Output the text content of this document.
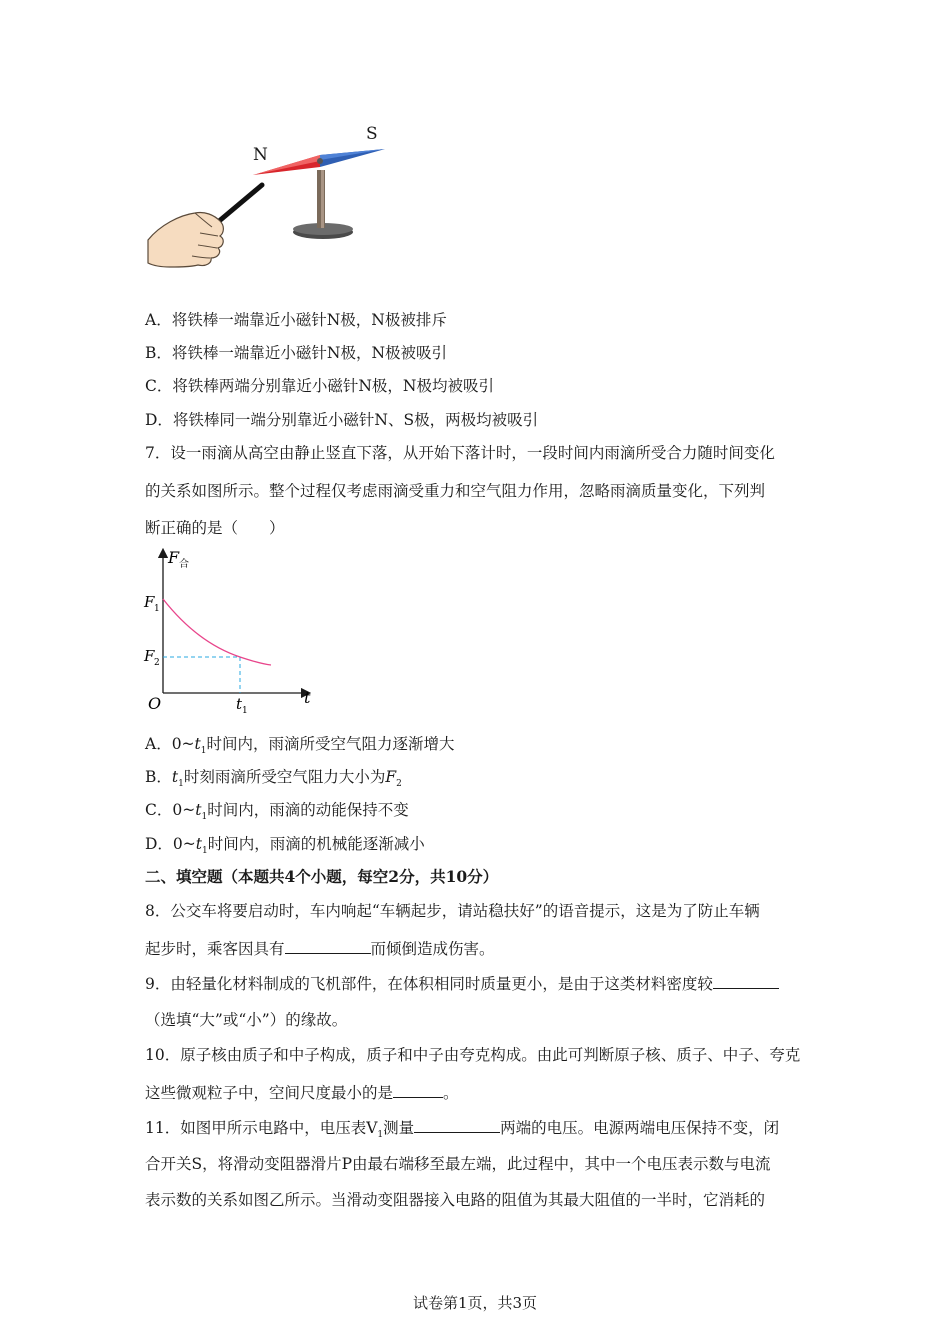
N
S
A．将铁棒一端靠近小磁针N极，N极被排斥
B．将铁棒一端靠近小磁针N极，N极被吸引
C．将铁棒两端分别靠近小磁针N极，N极均被吸引
D．将铁棒同一端分别靠近小磁针N、S极，两极均被吸引
7．设一雨滴从高空由静止竖直下落，从开始下落计时，一段时间内雨滴所受合力随时间变化
的关系如图所示。整个过程仅考虑雨滴受重力和空气阻力作用，忽略雨滴质量变化，下列判
断正确的是（　　）
F 合
F 1
F 2
O	t 1
t
A．$0\sim t_1$时间内，雨滴所受空气阻力逐渐增大
B．$t_1$时刻雨滴所受空气阻力大小为$F_2$
C．$0\sim t_1$时间内，雨滴的动能保持不变
D．$0\sim t_1$时间内，雨滴的机械能逐渐减小
二、填空题（本题共4个小题，每空2分，共10分）
8．公交车将要启动时，车内响起“车辆起步，请站稳扶好”的语音提示，这是为了防止车辆
起步时，乘客因具有	而倾倒造成伤害。
9．由轻量化材料制成的飞机部件，在体积相同时质量更小，是由于这类材料密度较
（选填“大”或“小”）的缘故。
10．原子核由质子和中子构成，质子和中子由夸克构成。由此可判断原子核、质子、中子、夸克
这些微观粒子中，空间尺度最小的是	。
11．如图甲所示电路中，电压表$V_1$测量	两端的电压。电源两端电压保持不变，闭
合开关S，将滑动变阻器滑片P由最右端移至最左端，此过程中，其中一个电压表示数与电流
表示数的关系如图乙所示。当滑动变阻器接入电路的阻值为其最大阻值的一半时，它消耗的
试卷第1页，共3页
